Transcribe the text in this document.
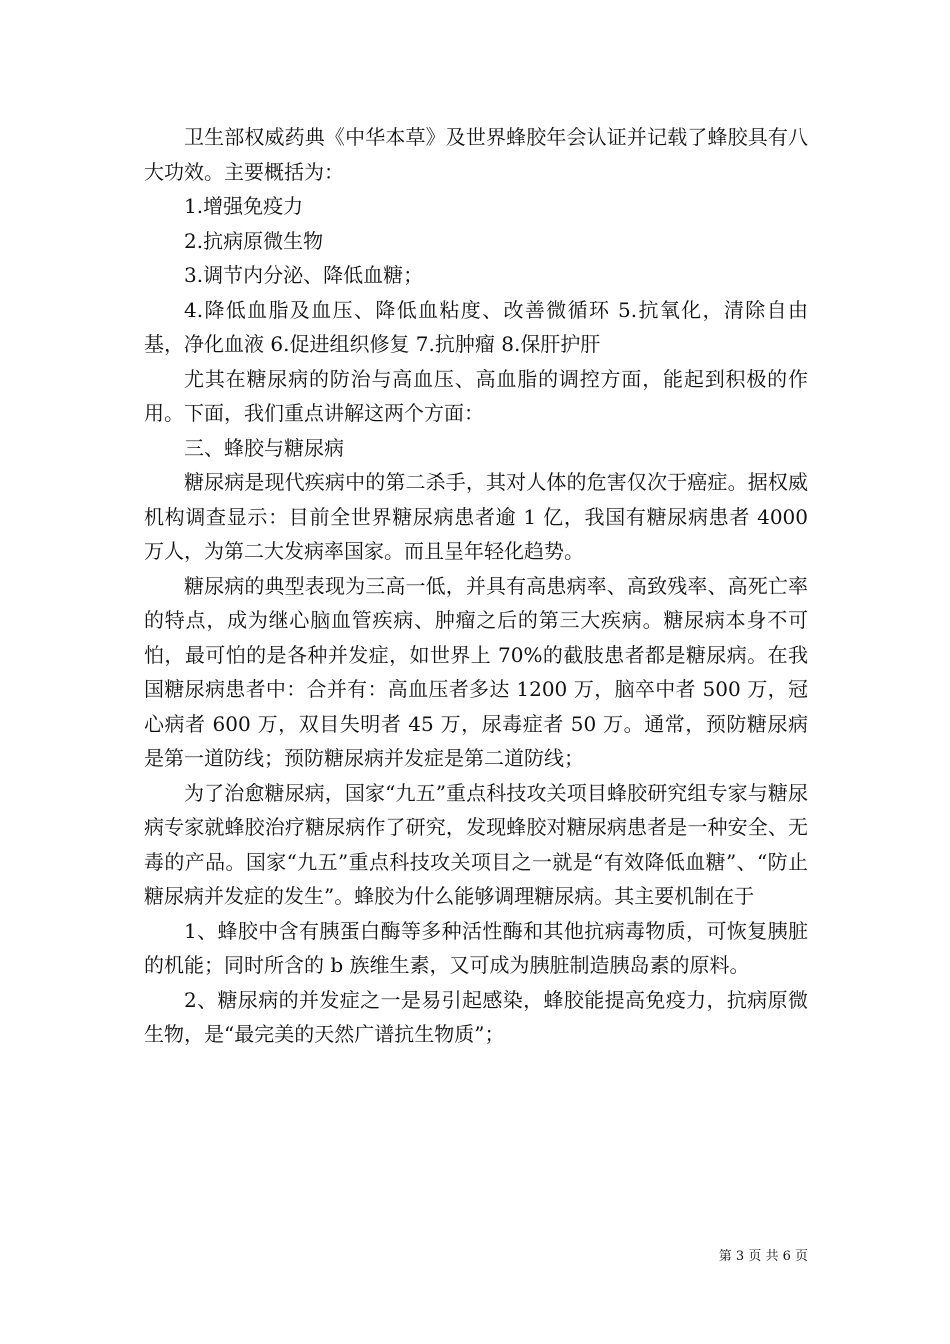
卫生部权威药典《中华本草》及世界蜂胶年会认证并记载了蜂胶具有八大功效。主要概括为：

1.增强免疫力

2.抗病原微生物

3.调节内分泌、降低血糖；

4.降低血脂及血压、降低血粘度、改善微循环 5.抗氧化，清除自由基，净化血液 6.促进组织修复 7.抗肿瘤 8.保肝护肝

尤其在糖尿病的防治与高血压、高血脂的调控方面，能起到积极的作用。下面，我们重点讲解这两个方面：

三、蜂胶与糖尿病

糖尿病是现代疾病中的第二杀手，其对人体的危害仅次于癌症。据权威机构调查显示：目前全世界糖尿病患者逾 1 亿，我国有糖尿病患者 4000 万人，为第二大发病率国家。而且呈年轻化趋势。

糖尿病的典型表现为三高一低，并具有高患病率、高致残率、高死亡率的特点，成为继心脑血管疾病、肿瘤之后的第三大疾病。糖尿病本身不可怕，最可怕的是各种并发症，如世界上 70%的截肢患者都是糖尿病。在我国糖尿病患者中：合并有：高血压者多达 1200 万，脑卒中者 500 万，冠心病者 600 万，双目失明者 45 万，尿毒症者 50 万。通常，预防糖尿病是第一道防线；预防糖尿病并发症是第二道防线；

为了治愈糖尿病，国家“九五”重点科技攻关项目蜂胶研究组专家与糖尿病专家就蜂胶治疗糖尿病作了研究，发现蜂胶对糖尿病患者是一种安全、无毒的产品。国家“九五”重点科技攻关项目之一就是“有效降低血糖”、“防止糖尿病并发症的发生”。蜂胶为什么能够调理糖尿病。其主要机制在于

1、蜂胶中含有胰蛋白酶等多种活性酶和其他抗病毒物质，可恢复胰脏的机能；同时所含的 b 族维生素，又可成为胰脏制造胰岛素的原料。

2、糖尿病的并发症之一是易引起感染，蜂胶能提高免疫力，抗病原微生物，是“最完美的天然广谱抗生物质”；

第 3 页 共 6 页
